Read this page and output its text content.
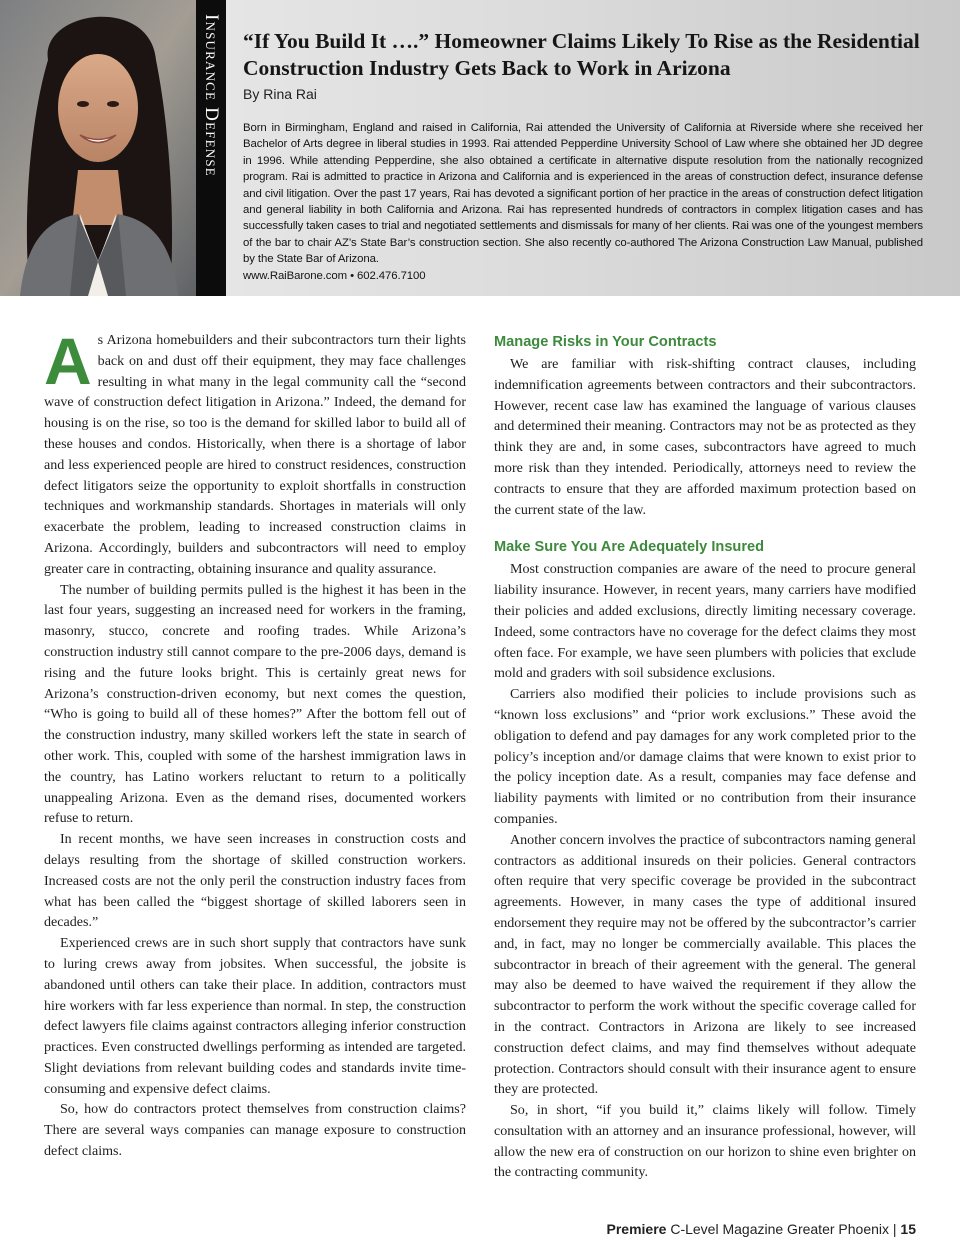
Insurance Defense “If You Build It ….” Homeowner Claims Likely To Rise as the Residential Construction Industry Gets Back to Work in Arizona

By Rina Rai

Born in Birmingham, England and raised in California, Rai attended the University of California at Riverside where she received her Bachelor of Arts degree in liberal studies in 1993. Rai attended Pepperdine University School of Law where she obtained her JD degree in 1996. While attending Pepperdine, she also obtained a certificate in alternative dispute resolution from the nationally recognized program. Rai is admitted to practice in Arizona and California and is experienced in the areas of construction defect, insurance defense and civil litigation. Over the past 17 years, Rai has devoted a significant portion of her practice in the areas of construction defect litigation and general liability in both California and Arizona. Rai has represented hundreds of contractors in complex litigation cases and has successfully taken cases to trial and negotiated settlements and dismissals for many of her clients. Rai was one of the youngest members of the bar to chair AZ’s State Bar’s construction section. She also recently co-authored The Arizona Construction Law Manual, published by the State Bar of Arizona.
www.RaiBarone.com • 602.476.7100

As Arizona homebuilders and their subcontractors turn their lights back on and dust off their equipment, they may face challenges resulting in what many in the legal community call the “second wave of construction defect litigation in Arizona.” Indeed, the demand for housing is on the rise, so too is the demand for skilled labor to build all of these houses and condos. Historically, when there is a shortage of labor and less experienced people are hired to construct residences, construction defect litigators seize the opportunity to exploit shortfalls in construction techniques and workmanship standards. Shortages in materials will only exacerbate the problem, leading to increased construction claims in Arizona. Accordingly, builders and subcontractors will need to employ greater care in contracting, obtaining insurance and quality assurance.

The number of building permits pulled is the highest it has been in the last four years, suggesting an increased need for workers in the framing, masonry, stucco, concrete and roofing trades. While Arizona’s construction industry still cannot compare to the pre-2006 days, demand is rising and the future looks bright. This is certainly great news for Arizona’s construction-driven economy, but next comes the question, “Who is going to build all of these homes?” After the bottom fell out of the construction industry, many skilled workers left the state in search of other work. This, coupled with some of the harshest immigration laws in the country, has Latino workers reluctant to return to a politically unappealing Arizona. Even as the demand rises, documented workers refuse to return.

In recent months, we have seen increases in construction costs and delays resulting from the shortage of skilled construction workers. Increased costs are not the only peril the construction industry faces from what has been called the “biggest shortage of skilled laborers seen in decades.”

Experienced crews are in such short supply that contractors have sunk to luring crews away from jobsites. When successful, the jobsite is abandoned until others can take their place. In addition, contractors must hire workers with far less experience than normal. In step, the construction defect lawyers file claims against contractors alleging inferior construction practices. Even constructed dwellings performing as intended are targeted. Slight deviations from relevant building codes and standards invite time-consuming and expensive defect claims.

So, how do contractors protect themselves from construction claims? There are several ways companies can manage exposure to construction defect claims.

Manage Risks in Your Contracts

We are familiar with risk-shifting contract clauses, including indemnification agreements between contractors and their subcontractors. However, recent case law has examined the language of various clauses and determined their meaning. Contractors may not be as protected as they think they are and, in some cases, subcontractors have agreed to much more risk than they intended. Periodically, attorneys need to review the contracts to ensure that they are afforded maximum protection based on the current state of the law.

Make Sure You Are Adequately Insured

Most construction companies are aware of the need to procure general liability insurance. However, in recent years, many carriers have modified their policies and added exclusions, directly limiting necessary coverage. Indeed, some contractors have no coverage for the defect claims they most often face. For example, we have seen plumbers with policies that exclude mold and graders with soil subsidence exclusions.

Carriers also modified their policies to include provisions such as “known loss exclusions” and “prior work exclusions.” These avoid the obligation to defend and pay damages for any work completed prior to the policy’s inception and/or damage claims that were known to exist prior to the policy inception date. As a result, companies may face defense and liability payments with limited or no contribution from their insurance companies.

Another concern involves the practice of subcontractors naming general contractors as additional insureds on their policies. General contractors often require that very specific coverage be provided in the subcontract agreements. However, in many cases the type of additional insured endorsement they require may not be offered by the subcontractor’s carrier and, in fact, may no longer be commercially available. This places the subcontractor in breach of their agreement with the general. The general may also be deemed to have waived the requirement if they allow the subcontractor to perform the work without the specific coverage called for in the contract. Contractors in Arizona are likely to see increased construction defect claims, and may find themselves without adequate protection. Contractors should consult with their insurance agent to ensure they are protected.

So, in short, “if you build it,” claims likely will follow. Timely consultation with an attorney and an insurance professional, however, will allow the new era of construction on our horizon to shine even brighter on the contracting community.

Premiere C-Level Magazine Greater Phoenix | 15
